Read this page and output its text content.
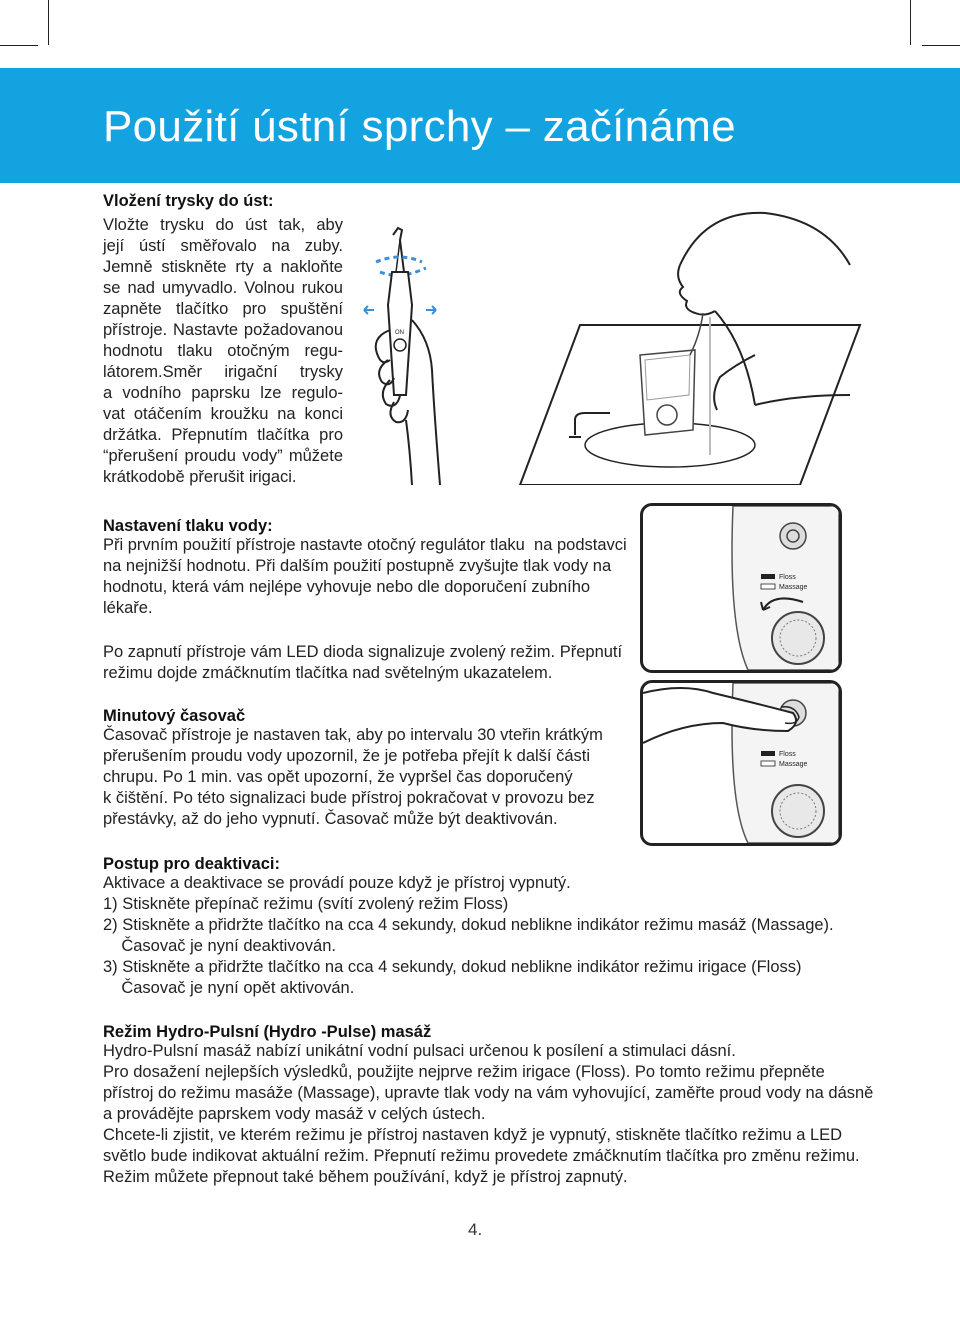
Použití ústní sprchy – začínáme
Vložení trysky do úst:
Vložte trysku do úst tak, aby
její ústí směřovalo na zuby.
Jemně stiskněte rty a nakloňte
se nad umyvadlo. Volnou rukou
zapněte tlačítko pro spuštění
přístroje. Nastavte požadovanou
hodnotu tlaku otočným regu-
látorem.Směr irigační trysky
a vodního paprsku lze regulo-
vat otáčením kroužku na konci
držátka. Přepnutím tlačítka pro
“přerušení proudu vody” můžete
krátkodobě přerušit irigaci.
ON
Nastavení tlaku vody:
Při prvním použití přístroje nastavte otočný regulátor tlaku  na podstavci
na nejnižší hodnotu. Při dalším použití postupně zvyšujte tlak vody na
hodnotu, která vám nejlépe vyhovuje nebo dle doporučení zubního
lékaře.
Po zapnutí přístroje vám LED dioda signalizuje zvolený režim. Přepnutí
režimu dojde zmáčknutím tlačítka nad světelným ukazatelem.
Floss
Massage
Minutový časovač
Časovač přístroje je nastaven tak, aby po intervalu 30 vteřin krátkým
přerušením proudu vody upozornil, že je potřeba přejít k další části
chrupu. Po 1 min. vas opět upozorní, že vypršel čas doporučený
k čištění. Po této signalizaci bude přístroj pokračovat v provozu bez
přestávky, až do jeho vypnutí. Časovač může být deaktivován.
Floss
Massage
Postup pro deaktivaci:
Aktivace a deaktivace se provádí pouze když je přístroj vypnutý.
1) Stiskněte přepínač režimu (svítí zvolený režim Floss)
2) Stiskněte a přidržte tlačítko na cca 4 sekundy, dokud neblikne indikátor režimu masáž (Massage).
Časovač je nyní deaktivován.
3) Stiskněte a přidržte tlačítko na cca 4 sekundy, dokud neblikne indikátor režimu irigace (Floss)
Časovač je nyní opět aktivován.
Režim Hydro-Pulsní (Hydro -Pulse) masáž
Hydro-Pulsní masáž nabízí unikátní vodní pulsaci určenou k posílení a stimulaci dásní.
Pro dosažení nejlepších výsledků, použijte nejprve režim irigace (Floss). Po tomto režimu přepněte
přístroj do režimu masáže (Massage), upravte tlak vody na vám vyhovující, zaměřte proud vody na dásně
a provádějte paprskem vody masáž v celých ústech.
Chcete-li zjistit, ve kterém režimu je přístroj nastaven když je vypnutý, stiskněte tlačítko režimu a LED
světlo bude indikovat aktuální režim. Přepnutí režimu provedete zmáčknutím tlačítka pro změnu režimu.
Režim můžete přepnout také během používání, když je přístroj zapnutý.
4.
